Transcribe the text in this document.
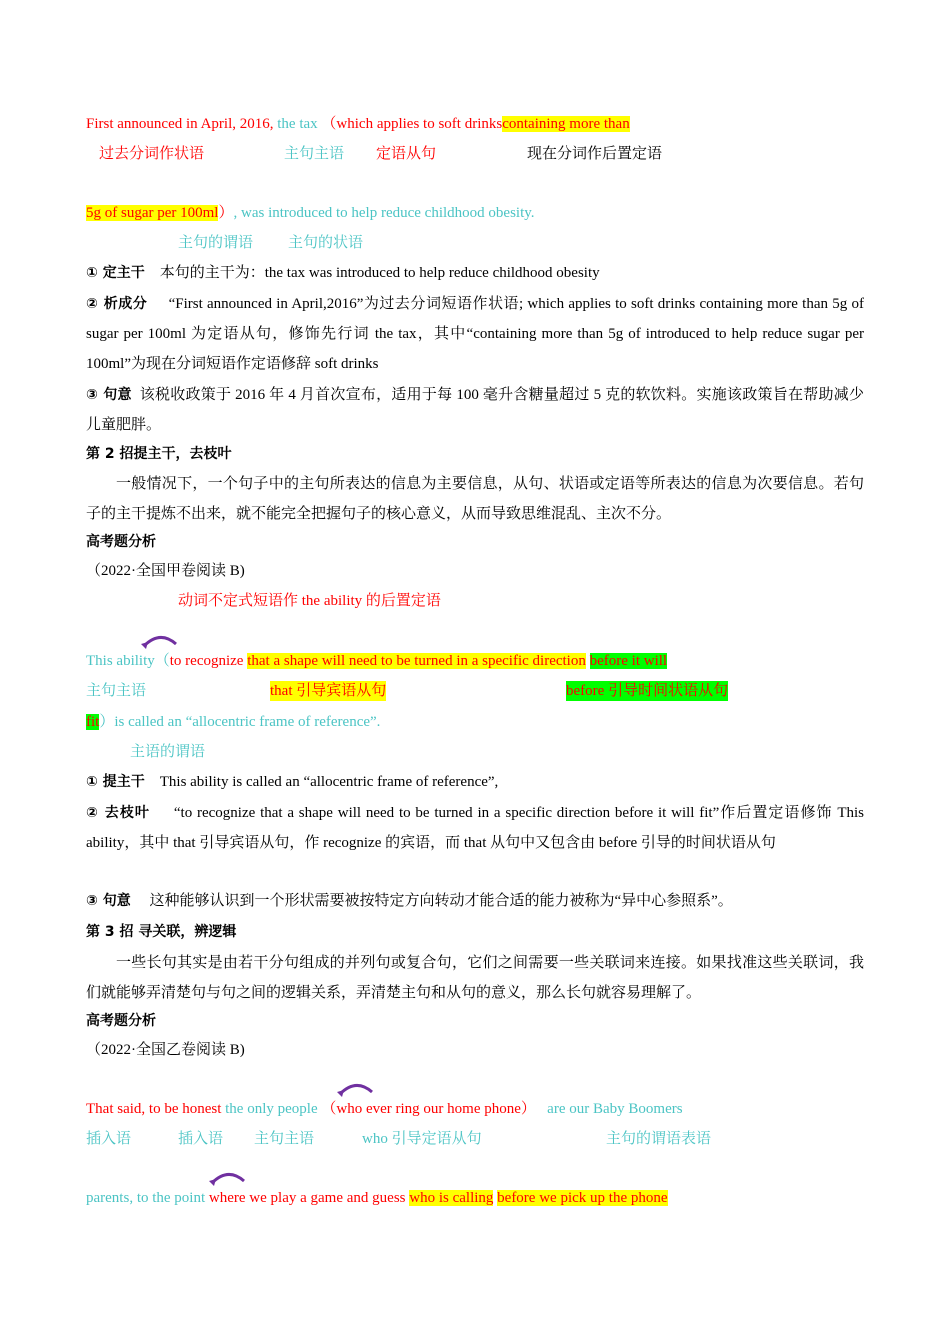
First announced in April, 2016, the tax （which applies to soft drinkscontaining more than
过去分词作状语	主句主语 定语从句	现在分词作后置定语
5g of sugar per 100ml）, was introduced to help reduce childhood obesity.
主句的谓语 主句的状语
① 定主干 本句的主干为：the tax was introduced to help reduce childhood obesity
② 析成分 “First announced in April,2016”为过去分词短语作状语; which applies to soft drinks containing more than 5g of sugar per 100ml 为定语从句，修饰先行词 the tax，其中“containing more than 5g of introduced to help reduce sugar per 100ml”为现在分词短语作定语修辞 soft drinks
③ 句意 该税收政策于 2016 年 4 月首次宣布，适用于每 100 毫升含糖量超过 5 克的软饮料。实施该政策旨在帮助减少儿童肥胖。
第 2 招提主干，去枝叶
一般情况下，一个句子中的主句所表达的信息为主要信息，从句、状语或定语等所表达的信息为次要信息。若句子的主干提炼不出来，就不能完全把握句子的核心意义，从而导致思维混乱、主次不分。
高考题分析
（2022·全国甲卷阅读 B)
动词不定式短语作 the ability 的后置定语
This ability（to recognize that a shape will need to be turned in a specific direction before it will
主句主语	that 引导宾语从句	before 引导时间状语从句
fit）is called an “allocentric frame of reference”.
主语的谓语
① 提主干 This ability is called an “allocentric frame of reference”,
② 去枝叶 “to recognize that a shape will need to be turned in a specific direction before it will fit”作后置定语修饰 This ability，其中 that 引导宾语从句，作 recognize 的宾语，而 that 从句中又包含由 before 引导的时间状语从句
③ 句意 这种能够认识到一个形状需要被按特定方向转动才能合适的能力被称为“异中心参照系”。
第 3 招 寻关联，辨逻辑
一些长句其实是由若干分句组成的并列句或复合句，它们之间需要一些关联词来连接。如果找准这些关联词，我们就能够弄清楚句与句之间的逻辑关系，弄清楚主句和从句的意义，那么长句就容易理解了。
高考题分析
（2022·全国乙卷阅读 B)
That said, to be honest the only people （who ever ring our home phone） are our Baby Boomers
插入语	插入语 主句主语	who 引导定语从句	主句的谓语表语
parents, to the point where we play a game and guess who is calling before we pick up the phone
